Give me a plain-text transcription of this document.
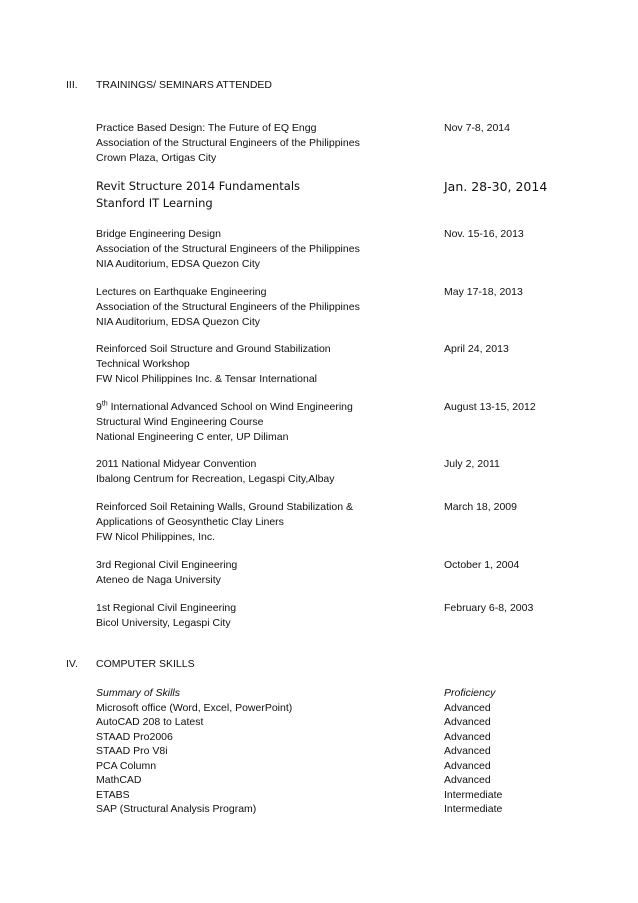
III. TRAININGS/ SEMINARS ATTENDED
Practice Based Design: The Future of EQ Engg
Association of the Structural Engineers of the Philippines
Crown Plaza, Ortigas City
Nov 7-8, 2014
Revit Structure 2014 Fundamentals
Stanford IT Learning
Jan. 28-30, 2014
Bridge Engineering Design
Association of the Structural Engineers of the Philippines
NIA Auditorium, EDSA Quezon City
Nov. 15-16, 2013
Lectures on Earthquake Engineering
Association of the Structural Engineers of the Philippines
NIA Auditorium, EDSA Quezon City
May 17-18, 2013
Reinforced Soil Structure and Ground Stabilization
Technical Workshop
FW Nicol Philippines Inc. & Tensar International
April 24, 2013
9th International Advanced School on Wind Engineering
Structural Wind Engineering Course
National Engineering C enter, UP Diliman
August 13-15, 2012
2011 National Midyear Convention
Ibalong Centrum for Recreation, Legaspi City,Albay
July 2, 2011
Reinforced Soil Retaining Walls, Ground Stabilization &
Applications of Geosynthetic Clay Liners
FW Nicol Philippines, Inc.
March 18, 2009
3rd Regional Civil Engineering
Ateneo de Naga University
October 1, 2004
1st Regional Civil Engineering
Bicol University, Legaspi City
February 6-8, 2003
IV. COMPUTER SKILLS
Summary of Skills	Proficiency
Microsoft office (Word, Excel, PowerPoint)	Advanced
AutoCAD 208 to Latest	Advanced
STAAD Pro2006	Advanced
STAAD Pro V8i	Advanced
PCA Column	Advanced
MathCAD	Advanced
ETABS	Intermediate
SAP (Structural Analysis Program)	Intermediate
